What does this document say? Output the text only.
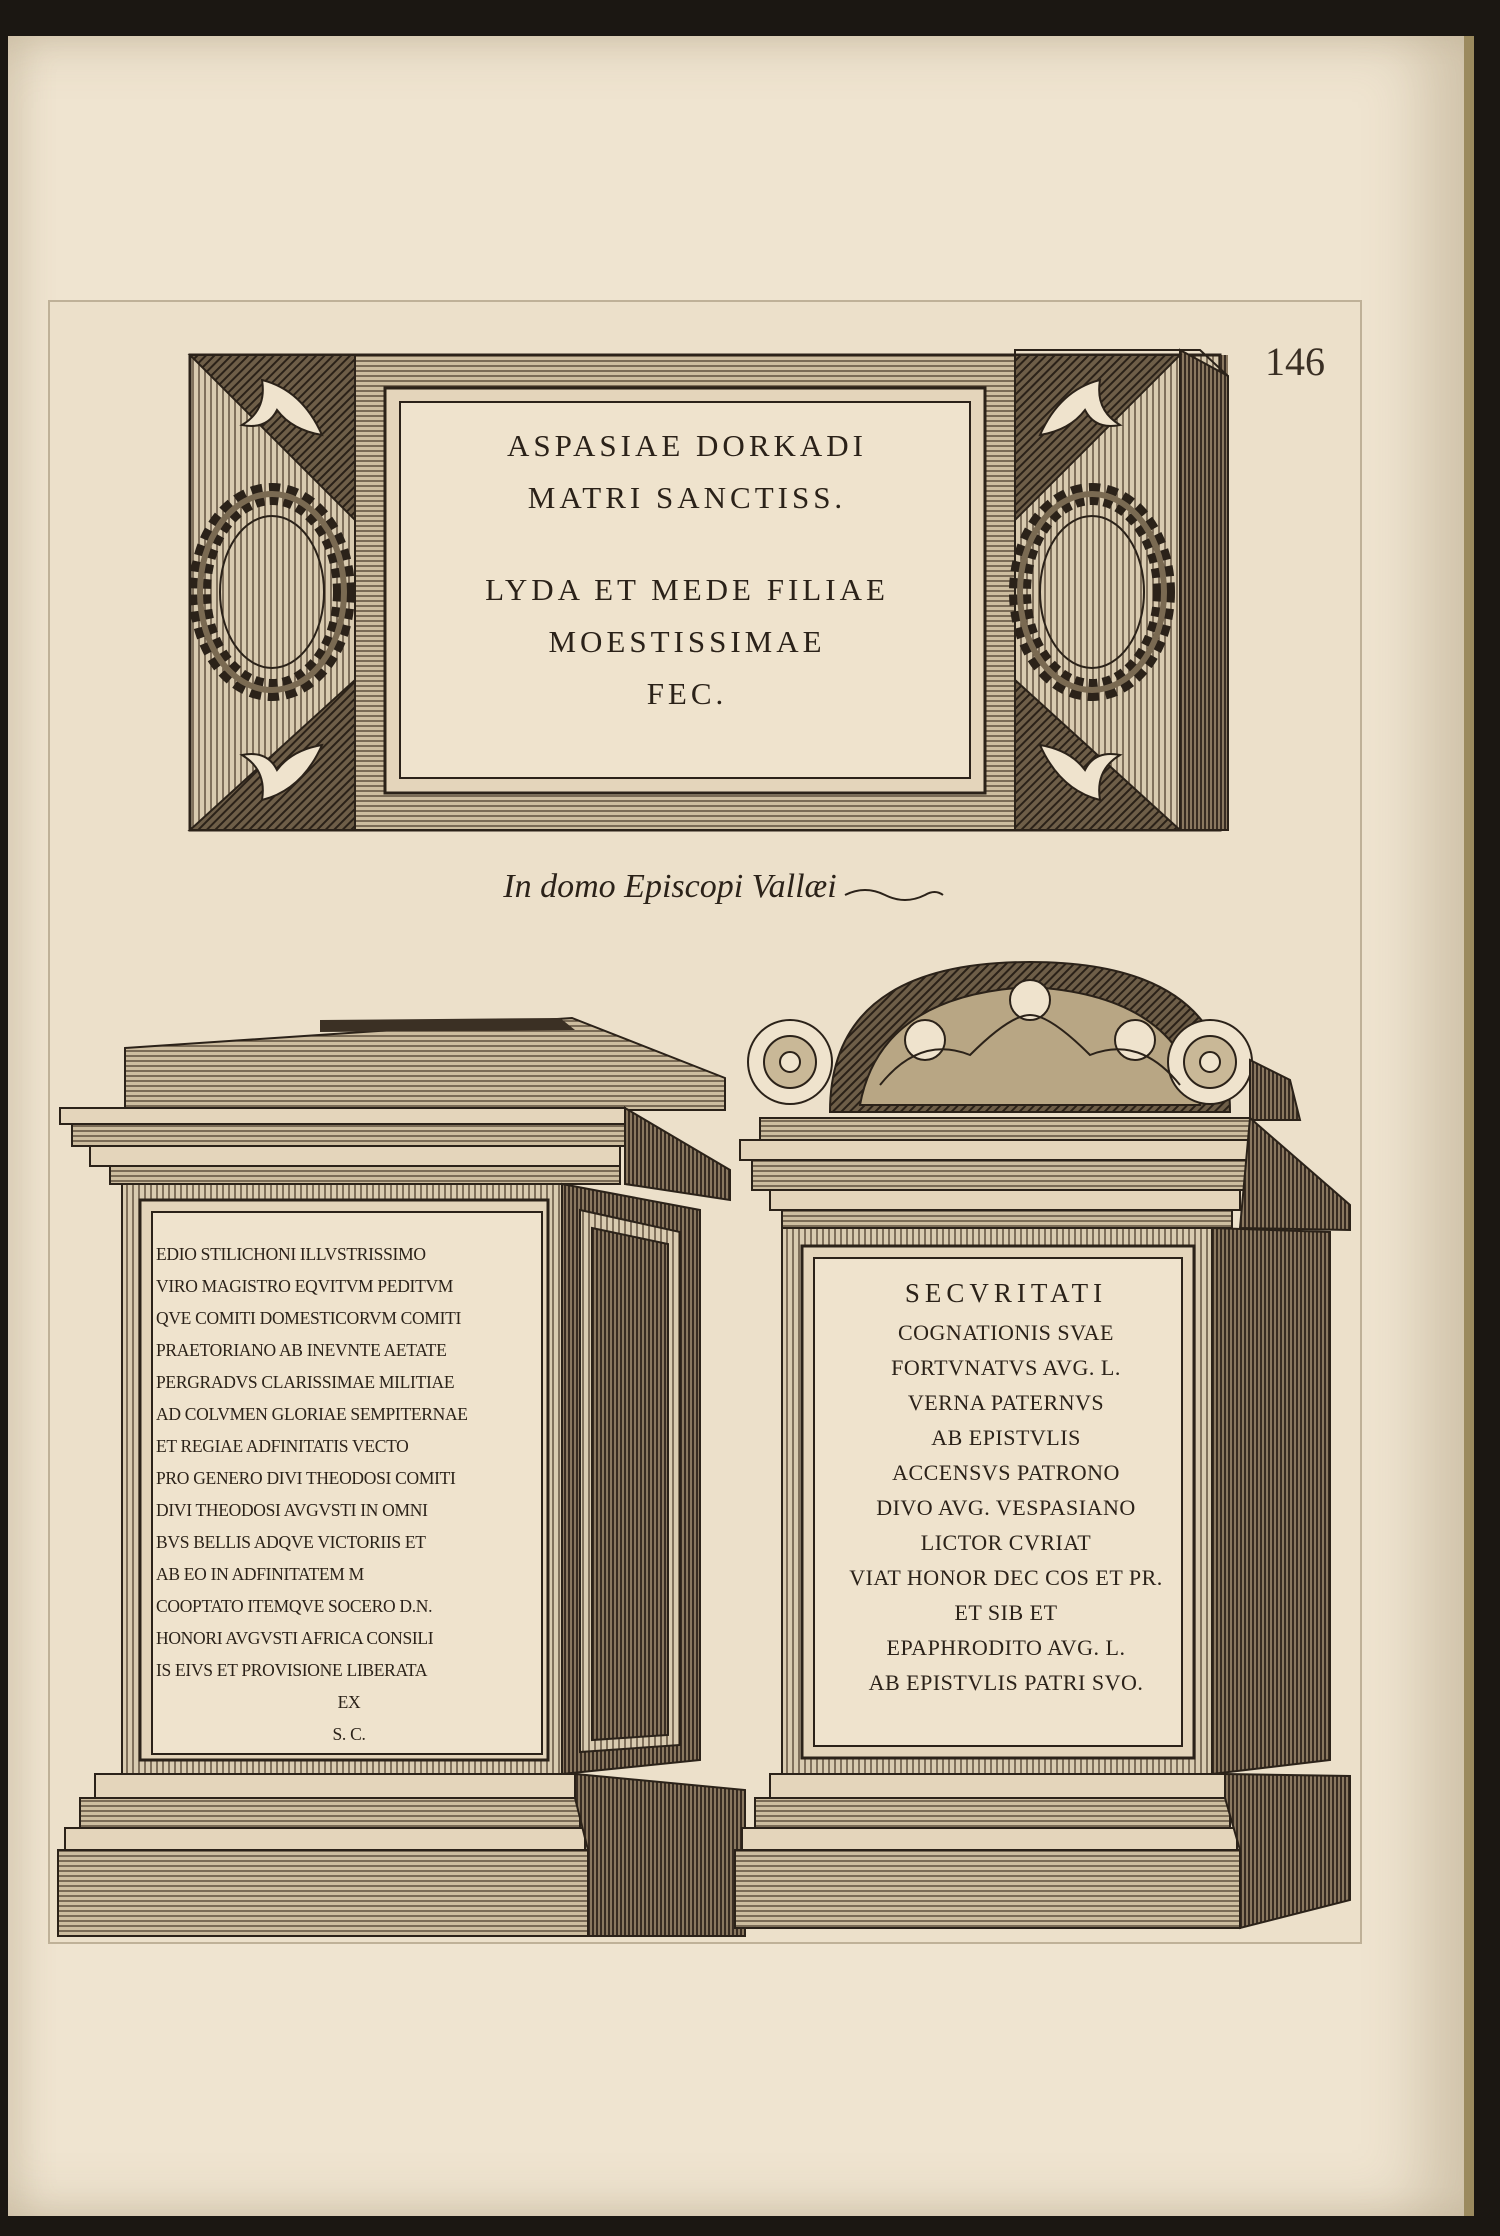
146
ASPASIAE DORKADI
MATRI SANCTISS.
LYDA ET MEDE FILIAE
MOESTISSIMAE
FEC.
In domo Episcopi Vallæi
EDIO STILICHONI ILLVSTRISSIMO
VIRO MAGISTRO EQVITVM PEDITVM
QVE COMITI DOMESTICORVM COMITI
PRAETORIANO AB INEVNTE AETATE
PERGRADVS CLARISSIMAE MILITIAE
AD COLVMEN GLORIAE SEMPITERNAE
ET REGIAE ADFINITATIS VECTO
PRO GENERO DIVI THEODOSI COMITI
DIVI THEODOSI AVGVSTI IN OMNI
BVS BELLIS ADQVE VICTORIIS ET
AB EO IN ADFINITATEM M
COOPTATO ITEMQVE SOCERO D.N.
HONORI AVGVSTI AFRICA CONSILI
IS EIVS ET PROVISIONE LIBERATA
EX
S. C.
SECVRITATI
COGNATIONIS SVAE
FORTVNATVS AVG. L.
VERNA PATERNVS
AB EPISTVLIS
ACCENSVS PATRONO
DIVO AVG. VESPASIANO
LICTOR CVRIAT
VIAT HONOR DEC COS ET PR.
ET SIB ET
EPAPHRODITO AVG. L.
AB EPISTVLIS PATRI SVO.
